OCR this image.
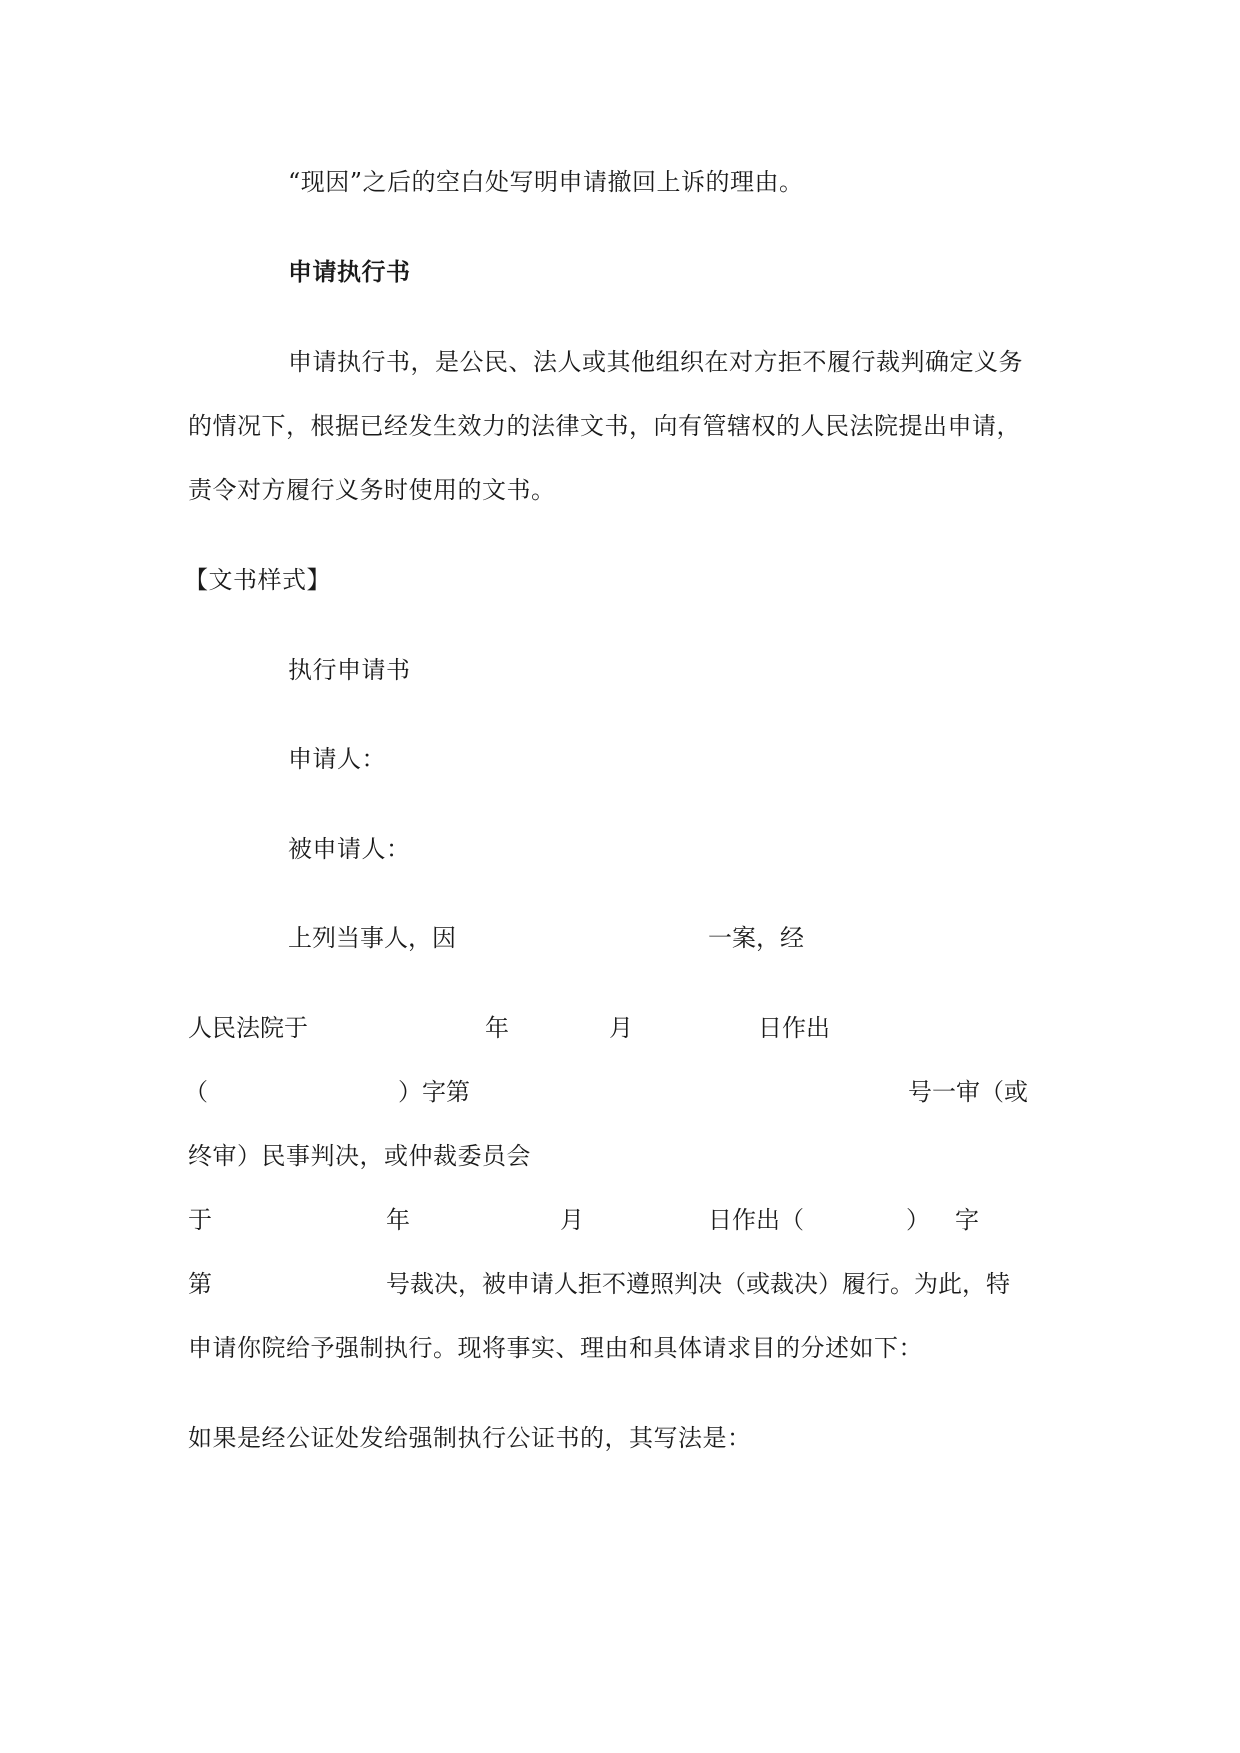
“现因”之后的空白处写明申请撤回上诉的理由。
申请执行书
申请执行书，是公民、法人或其他组织在对方拒不履行裁判确定义务
的情况下，根据已经发生效力的法律文书，向有管辖权的人民法院提出申请，
责令对方履行义务时使用的文书。
【文书样式】
执行申请书
申请人：
被申请人：
上列当事人，因	一案，经
人民法院于	年	月	日作出
（	）字第	号一审（或
终审）民事判决，或仲裁委员会
于	年	月	日作出（	） 字
第	号裁决，被申请人拒不遵照判决（或裁决）履行。为此，特
申请你院给予强制执行。现将事实、理由和具体请求目的分述如下：
如果是经公证处发给强制执行公证书的，其写法是：
